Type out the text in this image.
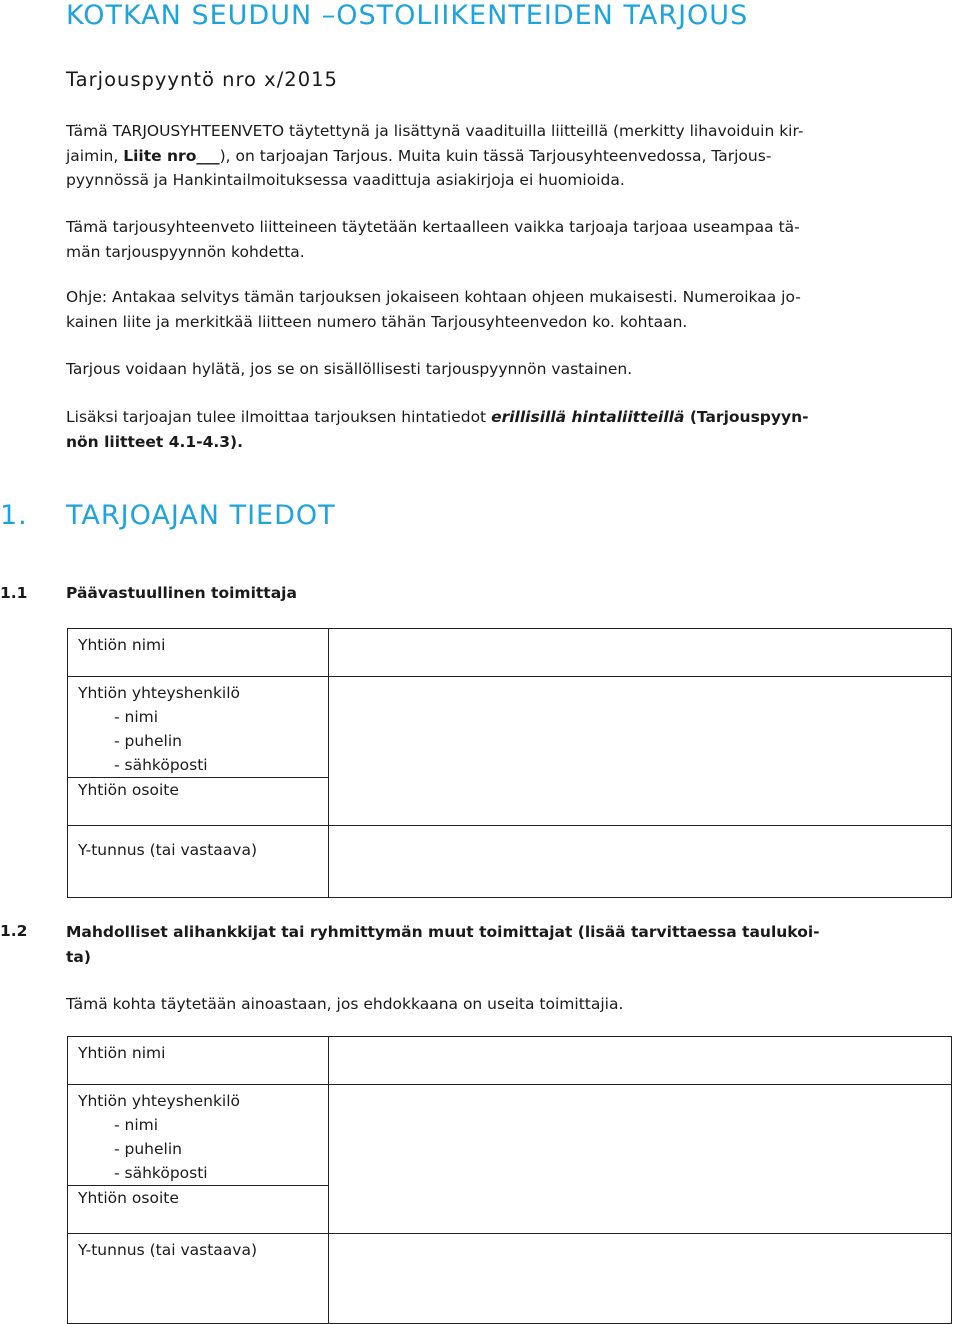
KOTKAN SEUDUN –OSTOLIIKENTEIDEN TARJOUS
Tarjouspyyntö nro x/2015
Tämä TARJOUSYHTEENVETO täytettynä ja lisättynä vaadituilla liitteillä (merkitty lihavoiduin kir-
jaimin, Liite nro___), on tarjoajan Tarjous. Muita kuin tässä Tarjousyhteenvedossa, Tarjous-
pyynnössä ja Hankintailmoituksessa vaadittuja asiakirjoja ei huomioida.
Tämä tarjousyhteenveto liitteineen täytetään kertaalleen vaikka tarjoaja tarjoaa useampaa tä-
män tarjouspyynnön kohdetta.
Ohje: Antakaa selvitys tämän tarjouksen jokaiseen kohtaan ohjeen mukaisesti. Numeroikaa jo-
kainen liite ja merkitkää liitteen numero tähän Tarjousyhteenvedon ko. kohtaan.
Tarjous voidaan hylätä, jos se on sisällöllisesti tarjouspyynnön vastainen.
Lisäksi tarjoajan tulee ilmoittaa tarjouksen hintatiedot erillisillä hintaliitteillä (Tarjouspyyn-
nön liitteet 4.1-4.3).
1. TARJOAJAN TIEDOT
1.1 Päävastuullinen toimittaja
Yhtiön nimi	

Yhtiön yhteyshenkilö
- nimi
- puhelin
- sähköposti	

Yhtiön osoite	

Y-tunnus (tai vastaava)	

1.2 Mahdolliset alihankkijat tai ryhmittymän muut toimittajat (lisää tarvittaessa taulukoi-
ta)
Tämä kohta täytetään ainoastaan, jos ehdokkaana on useita toimittajia.
Yhtiön nimi	

Yhtiön yhteyshenkilö
- nimi
- puhelin
- sähköposti	

Yhtiön osoite	

Y-tunnus (tai vastaava)	
